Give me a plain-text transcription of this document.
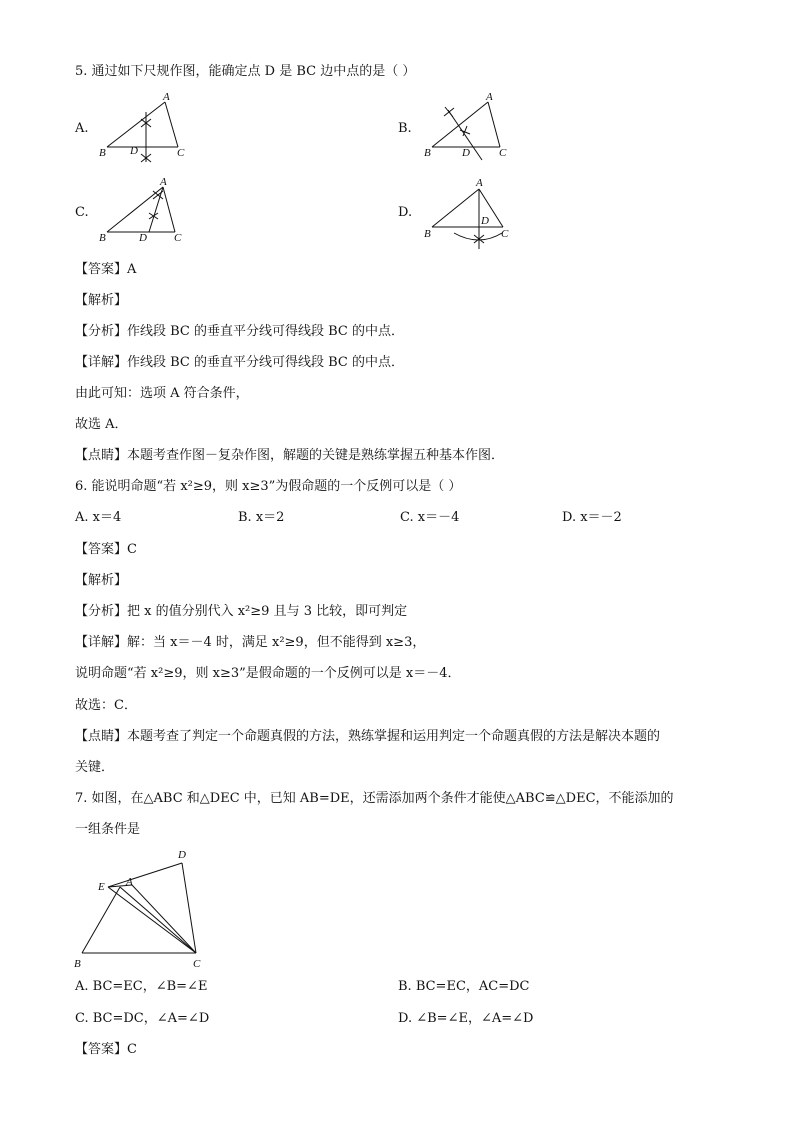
5. 通过如下尺规作图，能确定点 D 是 BC 边中点的是（ ）
A.
A
B D	C
B.
A
B	D	C
C.
A
B	D C
D.
A
B
D
C
【答案】A
【解析】
【分析】作线段 BC 的垂直平分线可得线段 BC 的中点．
【详解】作线段 BC 的垂直平分线可得线段 BC 的中点．
由此可知：选项 A 符合条件，
故选 A．
【点睛】本题考查作图－复杂作图，解题的关键是熟练掌握五种基本作图．
6. 能说明命题“若 x²≥9，则 x≥3”为假命题的一个反例可以是（ ）
A. x＝4	B. x＝2	C. x＝－4	D. x＝－2
【答案】C
【解析】
【分析】把 x 的值分别代入 x²≥9 且与 3 比较，即可判定
【详解】解：当 x＝－4 时，满足 x²≥9，但不能得到 x≥3，
说明命题“若 x²≥9，则 x≥3”是假命题的一个反例可以是 x＝－4．
故选：C．
【点睛】本题考查了判定一个命题真假的方法，熟练掌握和运用判定一个命题真假的方法是解决本题的
关键．
7. 如图，在△ABC 和△DEC 中，已知 AB=DE，还需添加两个条件才能使△ABC≌△DEC，不能添加的
一组条件是
D
E A
B	C
A. BC=EC，∠B=∠E	B. BC=EC，AC=DC
C. BC=DC，∠A=∠D	D. ∠B=∠E，∠A=∠D
【答案】C
